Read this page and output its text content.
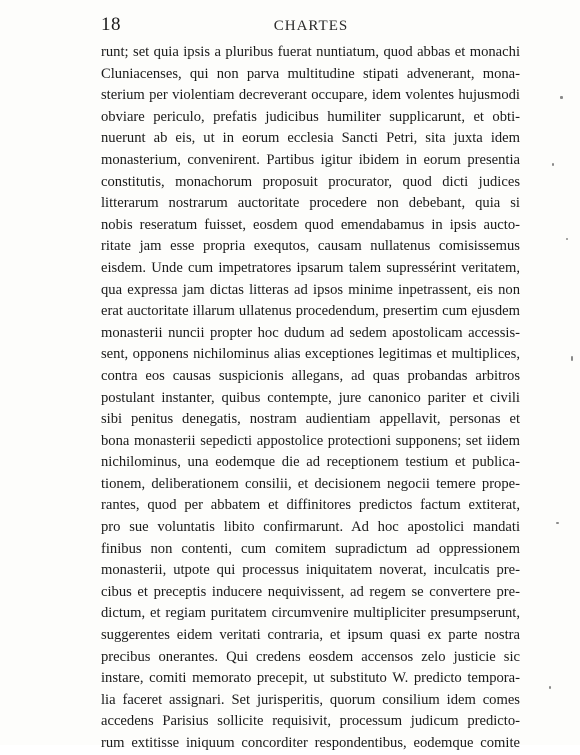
18	CHARTES
runt; set quia ipsis a pluribus fuerat nuntiatum, quod abbas et monachi
Cluniacenses, qui non parva multitudine stipati advenerant, mona-
sterium per violentiam decreverant occupare, idem volentes hujusmodi
obviare periculo, prefatis judicibus humiliter supplicarunt, et obti-
nuerunt ab eis, ut in eorum ecclesia Sancti Petri, sita juxta idem
monasterium, convenirent. Partibus igitur ibidem in eorum presentia
constitutis, monachorum proposuit procurator, quod dicti judices
litterarum nostrarum auctoritate procedere non debebant, quia si
nobis reseratum fuisset, eosdem quod emendabamus in ipsis aucto-
ritate jam esse propria exequtos, causam nullatenus comisissemus
eisdem. Unde cum impetratores ipsarum talem supressérint veritatem,
qua expressa jam dictas litteras ad ipsos minime inpetrassent, eis non
erat auctoritate illarum ullatenus procedendum, presertim cum ejusdem
monasterii nuncii propter hoc dudum ad sedem apostolicam accessis-
sent, opponens nichilominus alias exceptiones legitimas et multiplices,
contra eos causas suspicionis allegans, ad quas probandas arbitros
postulant instanter, quibus contempte, jure canonico pariter et civili
sibi penitus denegatis, nostram audientiam appellavit, personas et
bona monasterii sepedicti appostolice protectioni supponens; set iidem
nichilominus, una eodemque die ad receptionem testium et publica-
tionem, deliberationem consilii, et decisionem negocii temere prope-
rantes, quod per abbatem et diffinitores predictos factum extiterat,
pro sue voluntatis libito confirmarunt. Ad hoc apostolici mandati
finibus non contenti, cum comitem supradictum ad oppressionem
monasterii, utpote qui processus iniquitatem noverat, inculcatis pre-
cibus et preceptis inducere nequivissent, ad regem se convertere pre-
dictum, et regiam puritatem circumvenire multipliciter presumpserunt,
suggerentes eidem veritati contraria, et ipsum quasi ex parte nostra
precibus onerantes. Qui credens eosdem accensos zelo justicie sic
instare, comiti memorato precepit, ut substituto W. predicto tempora-
lia faceret assignari. Set jurisperitis, quorum consilium idem comes
accedens Parisius sollicite requisivit, processum judicum predicto-
rum extitisse iniquum concorditer respondentibus, eodemque comite
